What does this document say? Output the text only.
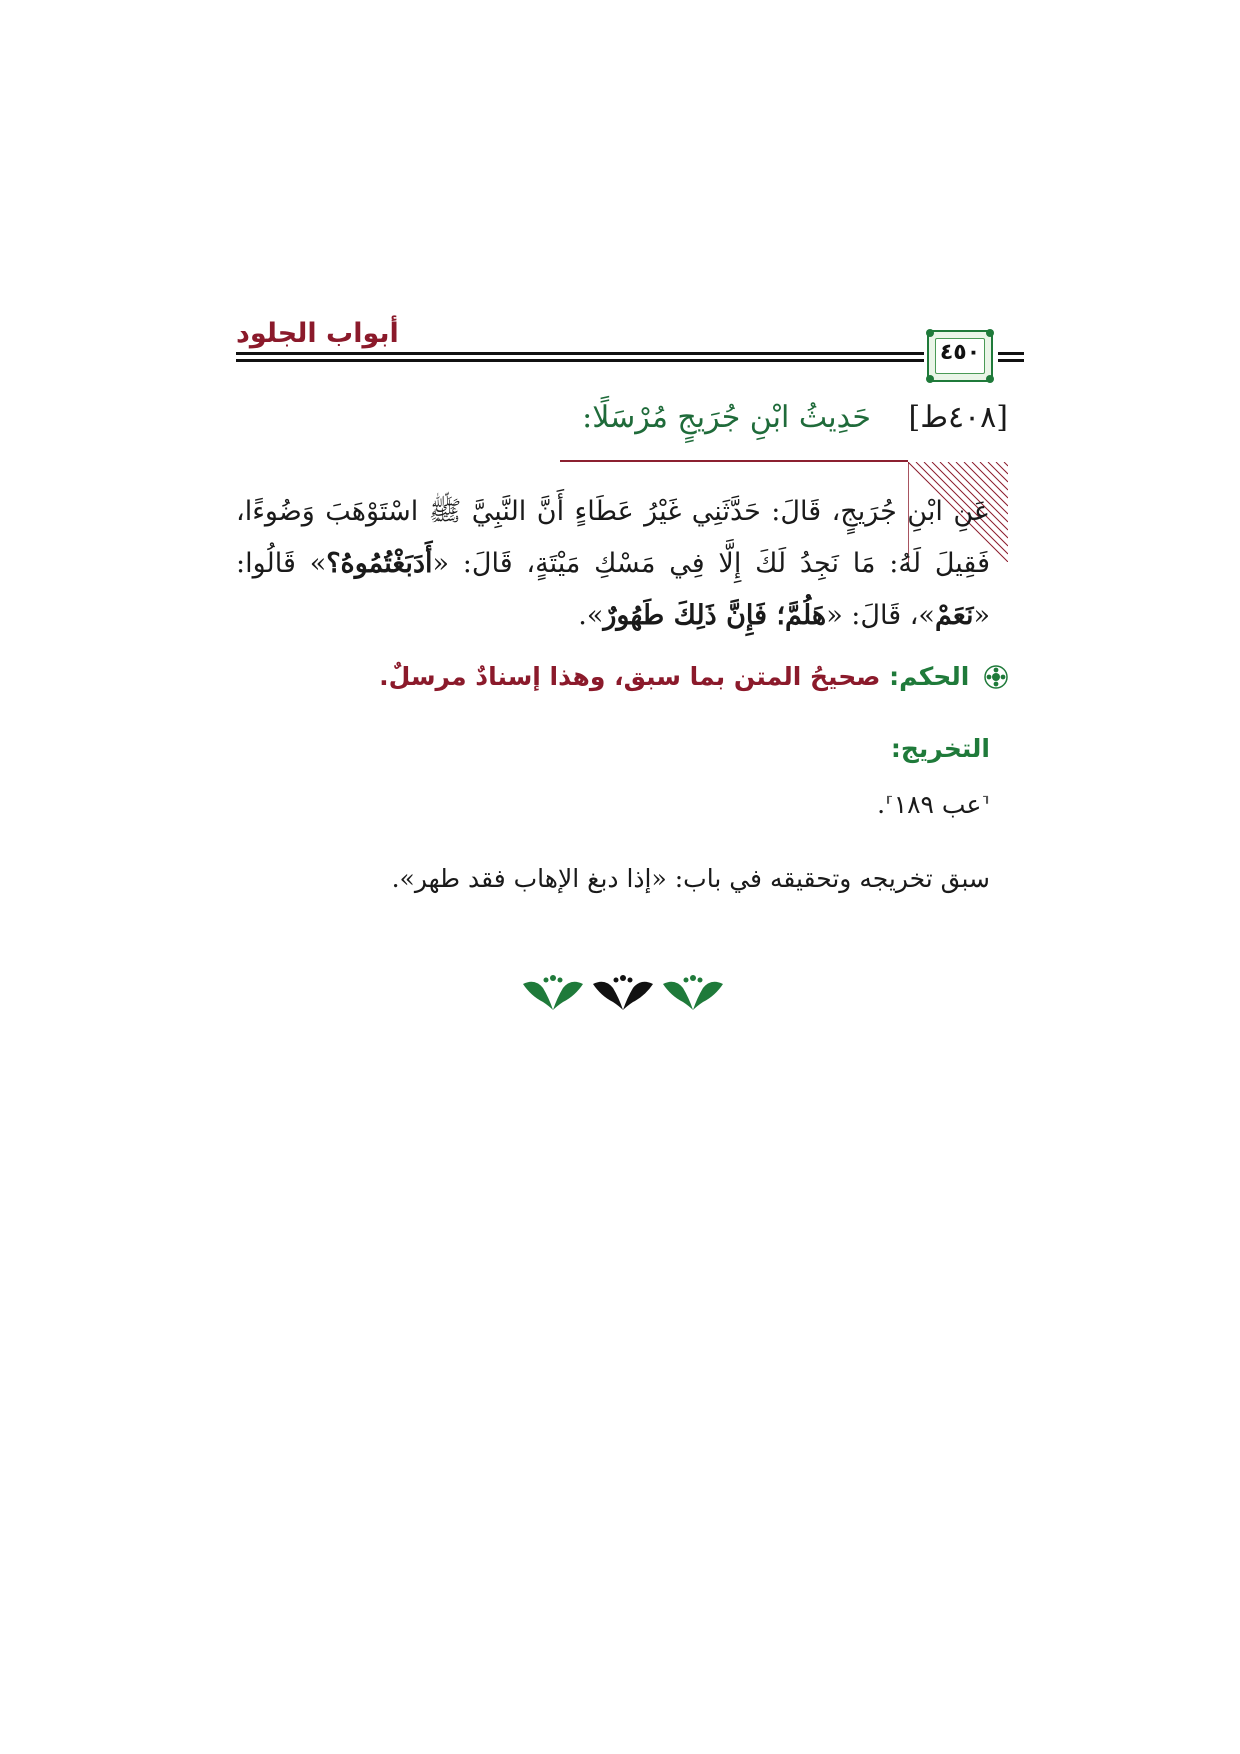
أبواب الجلود
٤٥٠
[٤٠٨ط] حَدِيثُ ابْنِ جُرَيجٍ مُرْسَلًا:
عَنِ ابْنِ جُرَيجٍ، قَالَ: حَدَّثَنِي غَيْرُ عَطَاءٍ أَنَّ النَّبِيَّ ﷺ اسْتَوْهَبَ وَضُوءًا، فَقِيلَ لَهُ: مَا نَجِدُ لَكَ إِلَّا فِي مَسْكِ مَيْتَةٍ، قَالَ: «أَدَبَغْتُمُوهُ؟» قَالُوا: «نَعَمْ»، قَالَ: «هَلُمَّ؛ فَإِنَّ ذَلِكَ طَهُورٌ».
الحكم: صحيحُ المتن بما سبق، وهذا إسنادٌ مرسلٌ.
التخريج:
⸢عب ١٨٩⸣.
سبق تخريجه وتحقيقه في باب: «إذا دبغ الإهاب فقد طهر».
